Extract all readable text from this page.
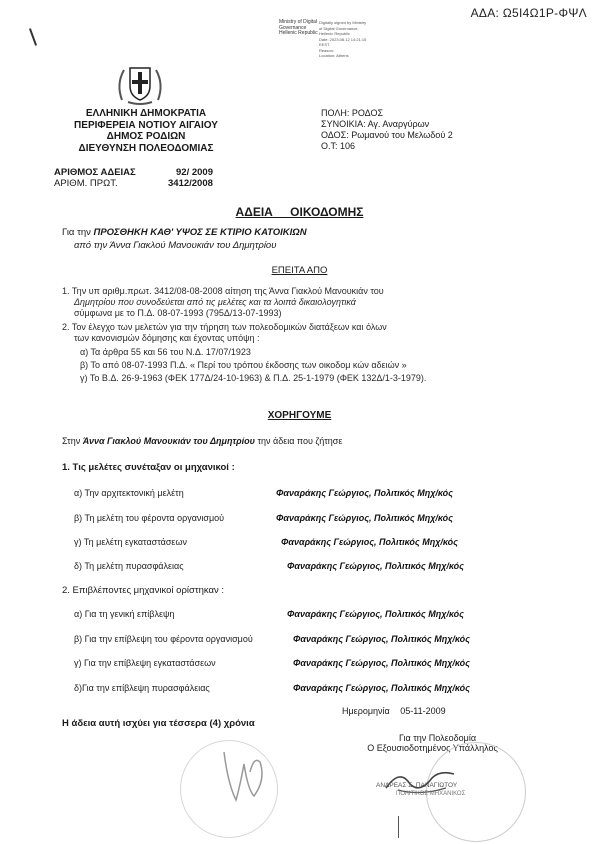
ΑΔΑ: Ω5Ι4Ω1Ρ-ΦΨΛ
Ministry of Digital
Governance
Hellenic Republic
Digitally signed by Ministry
of Digital Governance,
Hellenic Republic
Date: 2023.08.12 14:21:15
EEST
Reason:
Location: Athens
ΕΛΛΗΝΙΚΗ ΔΗΜΟΚΡΑΤΙΑ
ΠΕΡΙΦΕΡΕΙΑ ΝΟΤΙΟΥ ΑΙΓΑΙΟΥ
ΔΗΜΟΣ ΡΟΔΙΩΝ
ΔΙΕΥΘΥΝΣΗ ΠΟΛΕΟΔΟΜΙΑΣ
ΠΟΛΗ: ΡΟΔΟΣ
ΣΥΝΟΙΚΙΑ: Αγ. Αναργύρων
ΟΔΟΣ: Ρωμανού του Μελωδού 2
Ο.Τ: 106
ΑΡΙΘΜΟΣ ΑΔΕΙΑΣ	92/ 2009
ΑΡΙΘΜ. ΠΡΩΤ.	3412/2008
ΑΔΕΙΑ ΟΙΚΟΔΟΜΗΣ
Για την ΠΡΟΣΘΗΚΗ ΚΑΘ' ΥΨΟΣ ΣΕ ΚΤΙΡΙΟ ΚΑΤΟΙΚΙΩΝ
από την Άννα Γιακλού Μανουκιάν του Δημητρίου
ΕΠΕΙΤΑ ΑΠΟ
1. Την υπ αριθμ.πρωτ. 3412/08-08-2008 αίτηση της Άννα Γιακλού Μανουκιάν του
Δημητρίου που συνοδεύεται από τις μελέτες και τα λοιπά δικαιολογητικά
σύμφωνα με το Π.Δ. 08-07-1993 (795Δ/13-07-1993)
2. Τον έλεγχο των μελετών για την τήρηση των πολεοδομικών διατάξεων και όλων
των κανονισμών δόμησης και έχοντας υπόψη :
α) Τα άρθρα 55 και 56 του Ν.Δ. 17/07/1923
β) Το από 08-07-1993 Π.Δ. « Περί του τρόπου έκδοσης των οικοδομ κών αδειών »
γ) Το Β.Δ. 26-9-1963 (ΦΕΚ 177Δ/24-10-1963) & Π.Δ. 25-1-1979 (ΦΕΚ 132Δ/1-3-1979).
ΧΟΡΗΓΟΥΜΕ
Στην Άννα Γιακλού Μανουκιάν του Δημητρίου την άδεια που ζήτησε
1. Τις μελέτες συνέταξαν οι μηχανικοί :
α) Την αρχιτεκτονική μελέτη	Φαναράκης Γεώργιος, Πολιτικός Μηχ/κός
β) Τη μελέτη του φέροντα οργανισμού	Φαναράκης Γεώργιος, Πολιτικός Μηχ/κός
γ) Τη μελέτη εγκαταστάσεων	Φαναράκης Γεώργιος, Πολιτικός Μηχ/κός
δ) Τη μελέτη πυρασφάλειας	Φαναράκης Γεώργιος, Πολιτικός Μηχ/κός
2. Επιβλέποντες μηχανικοί ορίστηκαν :
α) Για τη γενική επίβλεψη	Φαναράκης Γεώργιος, Πολιτικός Μηχ/κός
β) Για την επίβλεψη του φέροντα οργανισμού	Φαναράκης Γεώργιος, Πολιτικός Μηχ/κός
γ) Για την επίβλεψη εγκαταστάσεων	Φαναράκης Γεώργιος, Πολιτικός Μηχ/κός
δ)Για την επίβλεψη πυρασφάλειας	Φαναράκης Γεώργιος, Πολιτικός Μηχ/κός
Ημερομηνία 05-11-2009
Η άδεια αυτή ισχύει για τέσσερα (4) χρόνια
Για την Πολεοδομία
Ο Εξουσιοδοτημένος Υπάλληλος
ΑΝΔΡΕΑΣ Σ. ΠΑΝΑΓΙΩΤΟΥ
ΠΟΛΙΤΙΚΟΣ ΜΗΧΑΝΙΚΟΣ
